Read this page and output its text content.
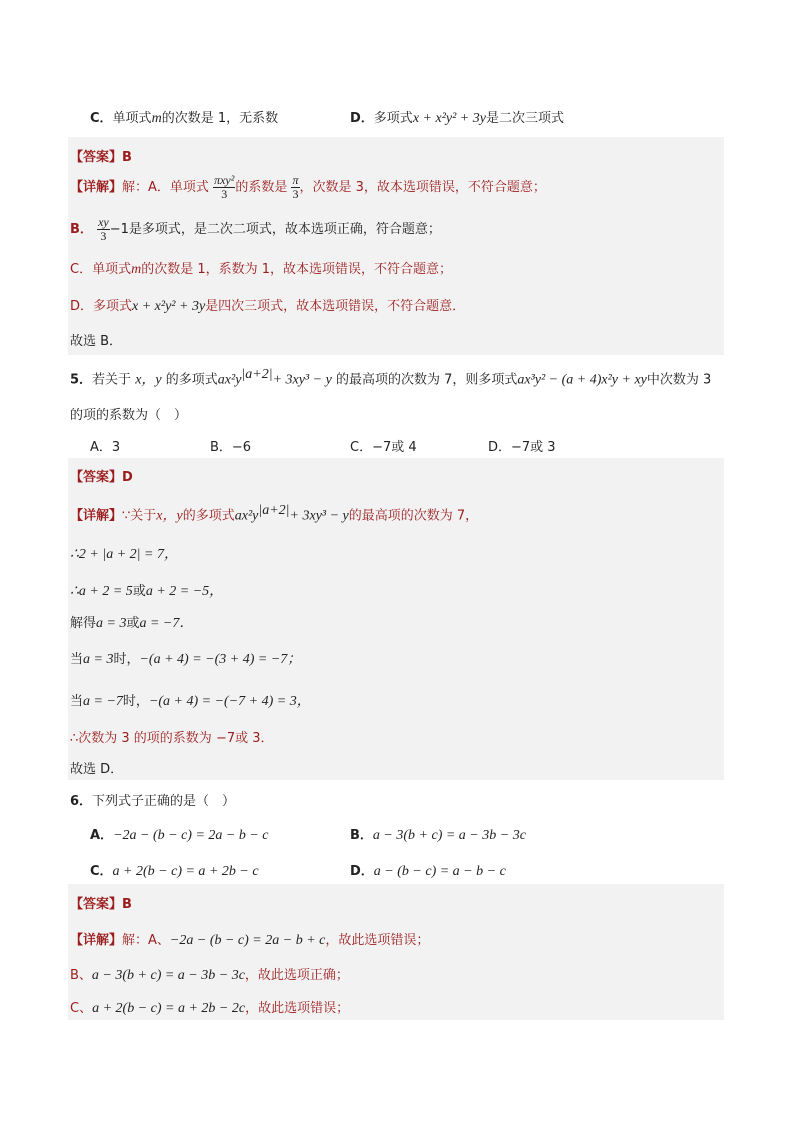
C．单项式m的次数是 1，无系数	D．多项式x + x²y² + 3y是二次三项式
【答案】B
【详解】解：A．单项式 $\frac{\text{πxy²}}{3}$ 的系数是 $\frac{\pi}{3}$ ，次数是 3，故本选项错误，不符合题意；
B． $\frac{xy}{3} -1$是多项式，是二次二项式，故本选项正确，符合题意；
C．单项式m的次数是 1，系数为 1，故本选项错误，不符合题意；
D．多项式x + x²y² + 3y是四次三项式，故本选项错误，不符合题意．
故选 B．
5．若关于 x，y 的多项式$ax^2y^{|a+2|}+ 3xy^3 - y$ 的最高项的次数为 7，则多项式ax³y² − (a + 4)x²y + xy中次数为 3
的项的系数为（　）
A．3	B．−6	C．−7或 4	D．−7或 3
【答案】D
【详解】∵关于x，y的多项式$ax^2y^{|a+2|}+ 3xy^3 - y$的最高项的次数为 7，
∴2 + |a + 2| = 7，
∴a + 2 = 5或a + 2 = −5，
解得a = 3或a = −7．
当a = 3时，−(a + 4) = −(3 + 4) = −7；
当a = −7时，−(a + 4) = −(−7 + 4) = 3，
∴次数为 3 的项的系数为 −7或 3．
故选 D．
6．下列式子正确的是（　）
A．−2a − (b − c) = 2a − b − c	B．a − 3(b + c) = a − 3b − 3c
C．a + 2(b − c) = a + 2b − c	D．a − (b − c) = a − b − c
【答案】B
【详解】解：A、−2a − (b − c) = 2a − b + c，故此选项错误；
B、a − 3(b + c) = a − 3b − 3c，故此选项正确；
C、a + 2(b − c) = a + 2b − 2c，故此选项错误；
